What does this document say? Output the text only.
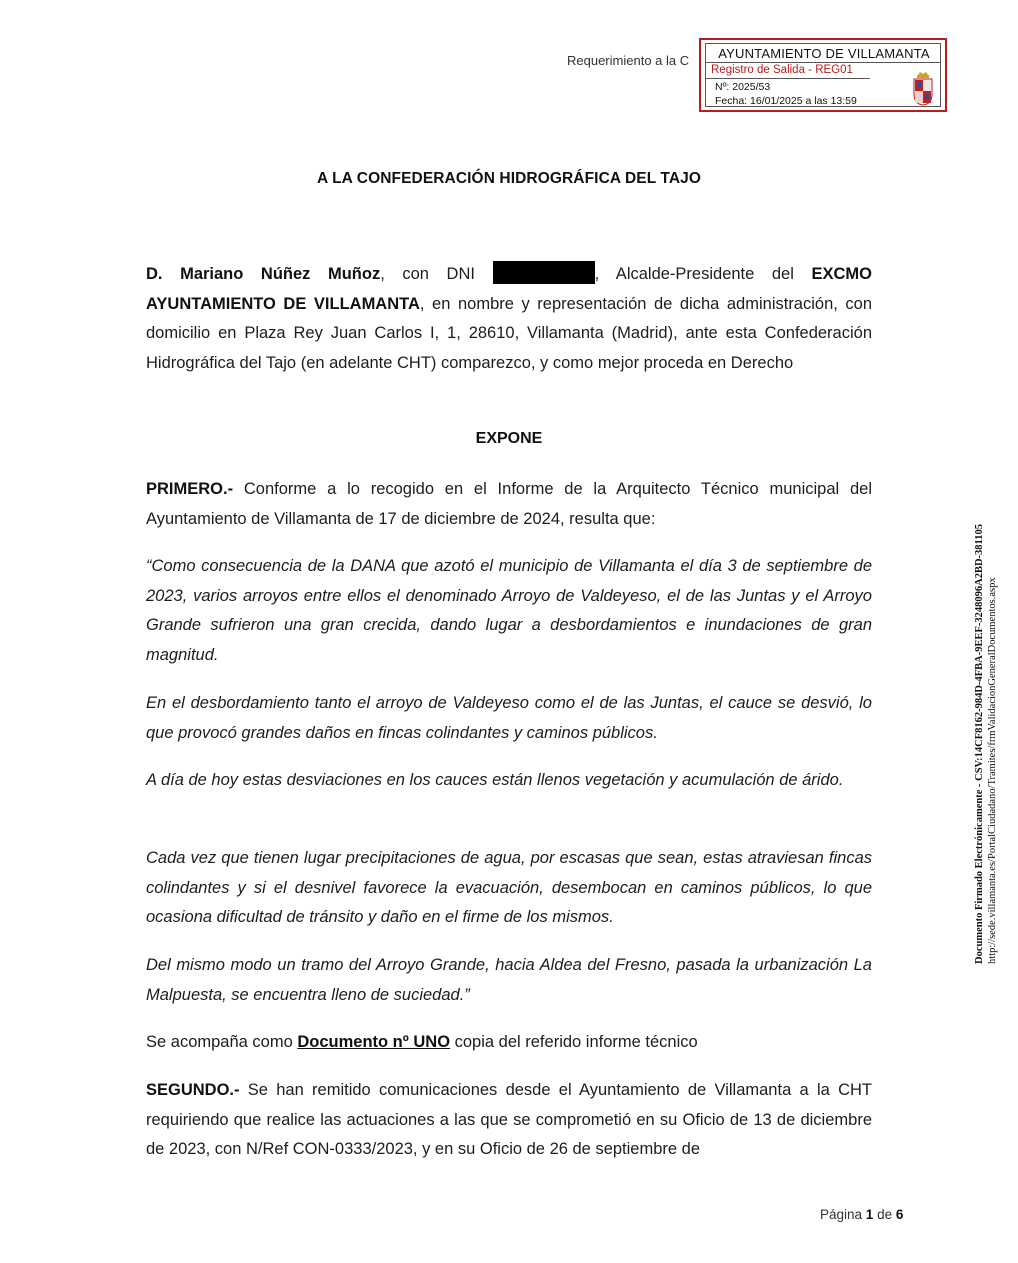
Requerimiento a la C	AYUNTAMIENTO DE VILLAMANTA
Registro de Salida - REG01
Nº: 2025/53
Fecha: 16/01/2025 a las 13:59
A LA CONFEDERACIÓN HIDROGRÁFICA DEL TAJO

D. Mariano Núñez Muñoz, con DNI	, Alcalde-Presidente del EXCMO AYUNTAMIENTO DE VILLAMANTA, en nombre y representación de dicha administración, con domicilio en Plaza Rey Juan Carlos I, 1, 28610, Villamanta (Madrid), ante esta Confederación Hidrográfica del Tajo (en adelante CHT) comparezco, y como mejor proceda en Derecho

EXPONE

PRIMERO.- Conforme a lo recogido en el Informe de la Arquitecto Técnico municipal del Ayuntamiento de Villamanta de 17 de diciembre de 2024, resulta que:

“Como consecuencia de la DANA que azotó el municipio de Villamanta el día 3 de septiembre de 2023, varios arroyos entre ellos el denominado Arroyo de Valdeyeso, el de las Juntas y el Arroyo Grande sufrieron una gran crecida, dando lugar a desbordamientos e inundaciones de gran magnitud.

En el desbordamiento tanto el arroyo de Valdeyeso como el de las Juntas, el cauce se desvió, lo que provocó grandes daños en fincas colindantes y caminos públicos.

A día de hoy estas desviaciones en los cauces están llenos vegetación y acumulación de árido.

Cada vez que tienen lugar precipitaciones de agua, por escasas que sean, estas atraviesan fincas colindantes y si el desnivel favorece la evacuación, desembocan en caminos públicos, lo que ocasiona dificultad de tránsito y daño en el firme de los mismos.

Del mismo modo un tramo del Arroyo Grande, hacia Aldea del Fresno, pasada la urbanización La Malpuesta, se encuentra lleno de suciedad.”

Se acompaña como Documento nº UNO copia del referido informe técnico

SEGUNDO.- Se han remitido comunicaciones desde el Ayuntamiento de Villamanta a la CHT requiriendo que realice las actuaciones a las que se comprometió en su Oficio de 13 de diciembre de 2023, con N/Ref CON-0333/2023, y en su Oficio de 26 de septiembre de

Documento Firmado Electrónicamente - CSV:14CF8162-984D-4FBA-9EEF-3248096A2BD-381105 http://sede.villamanta.es/PortalCiudadano/Tramites/frmValidacionGeneralDocumentos.aspx
Página 1 de 6
